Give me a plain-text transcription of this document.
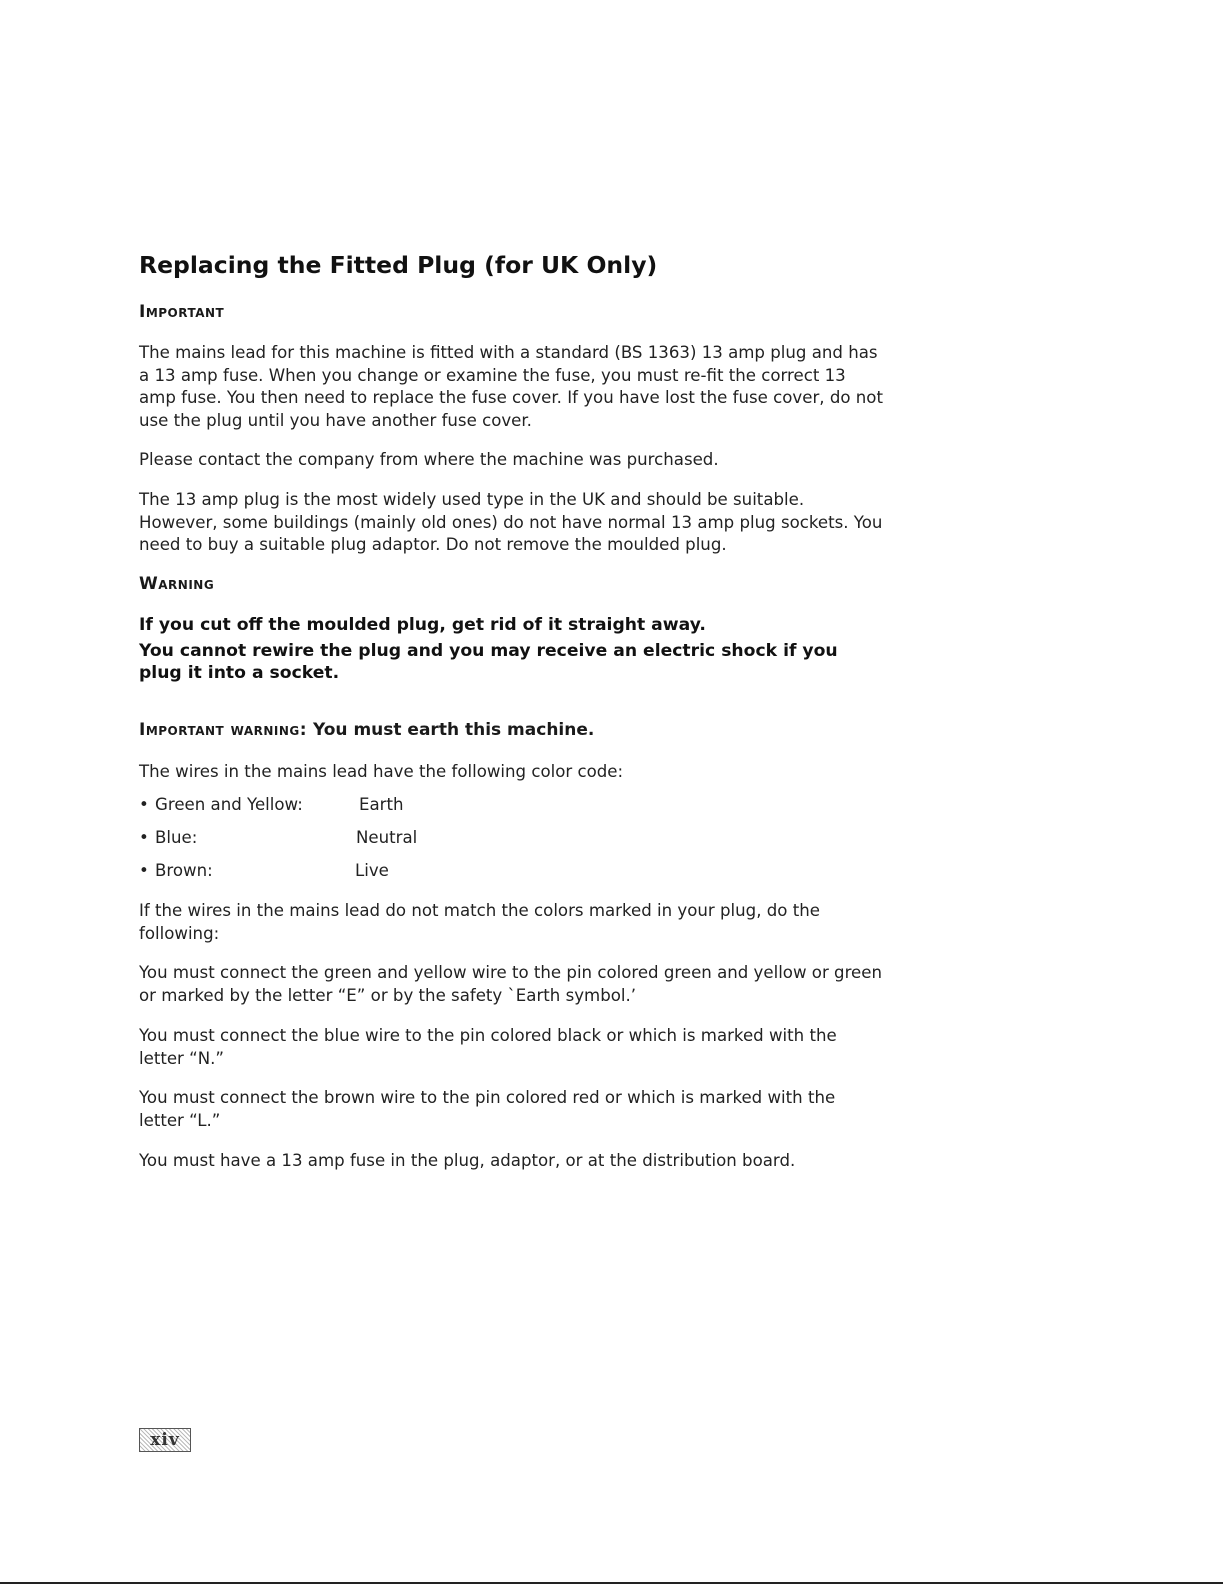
Replacing the Fitted Plug (for UK Only)
Important

The mains lead for this machine is fitted with a standard (BS 1363) 13 amp plug and has a 13 amp fuse. When you change or examine the fuse, you must re-fit the correct 13 amp fuse. You then need to replace the fuse cover. If you have lost the fuse cover, do not use the plug until you have another fuse cover.

Please contact the company from where the machine was purchased.

The 13 amp plug is the most widely used type in the UK and should be suitable. However, some buildings (mainly old ones) do not have normal 13 amp plug sockets. You need to buy a suitable plug adaptor. Do not remove the moulded plug.

Warning

If you cut off the moulded plug, get rid of it straight away.

You cannot rewire the plug and you may receive an electric shock if you plug it into a socket.

Important warning: You must earth this machine.

The wires in the mains lead have the following color code:

• Green and Yellow:	Earth
• Blue:	Neutral
• Brown:	Live

If the wires in the mains lead do not match the colors marked in your plug, do the following:

You must connect the green and yellow wire to the pin colored green and yellow or green or marked by the letter “E” or by the safety ˋEarth symbol.ʼ

You must connect the blue wire to the pin colored black or which is marked with the letter “N.”

You must connect the brown wire to the pin colored red or which is marked with the letter “L.”

You must have a 13 amp fuse in the plug, adaptor, or at the distribution board.

xiv
